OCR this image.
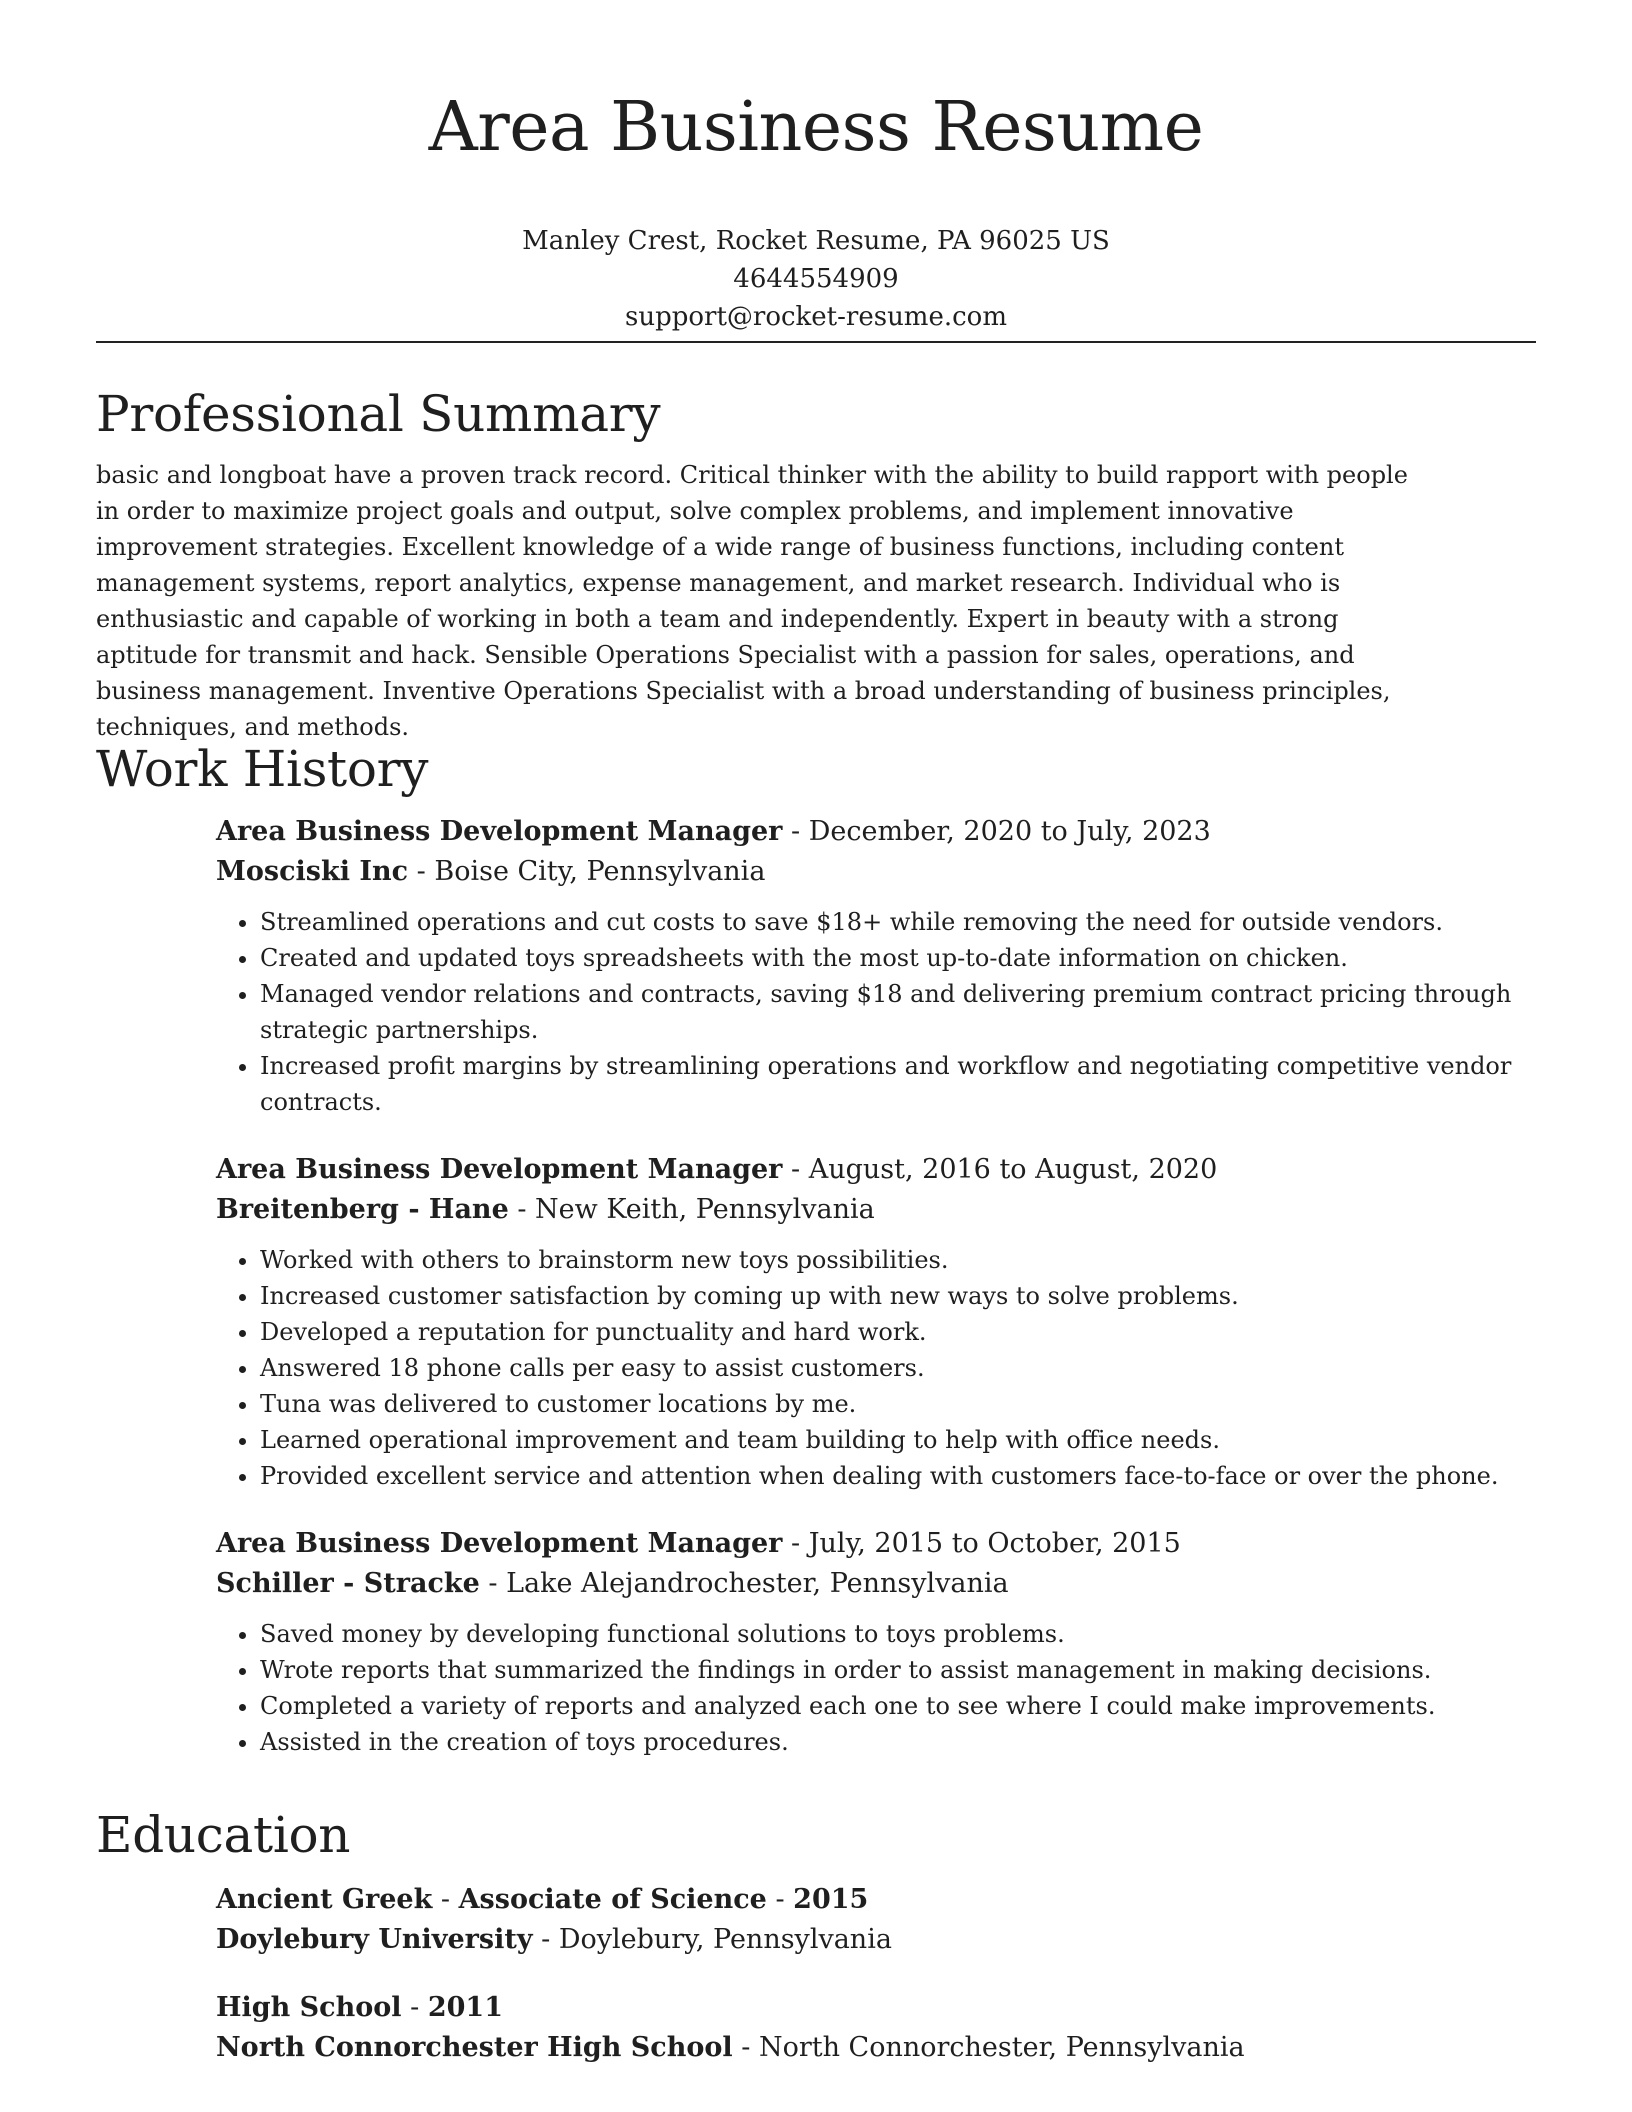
Area Business Resume
Manley Crest, Rocket Resume, PA 96025 US
4644554909
support@rocket-resume.com
Professional Summary

basic and longboat have a proven track record. Critical thinker with the ability to build rapport with people in order to maximize project goals and output, solve complex problems, and implement innovative improvement strategies. Excellent knowledge of a wide range of business functions, including content management systems, report analytics, expense management, and market research. Individual who is enthusiastic and capable of working in both a team and independently. Expert in beauty with a strong aptitude for transmit and hack. Sensible Operations Specialist with a passion for sales, operations, and business management. Inventive Operations Specialist with a broad understanding of business principles, techniques, and methods.

Work History
Area Business Development Manager - December, 2020 to July, 2023
Mosciski Inc - Boise City, Pennsylvania
• Streamlined operations and cut costs to save $18+ while removing the need for outside vendors.
• Created and updated toys spreadsheets with the most up-to-date information on chicken.
• Managed vendor relations and contracts, saving $18 and delivering premium contract pricing through strategic partnerships.
• Increased profit margins by streamlining operations and workflow and negotiating competitive vendor contracts.
Area Business Development Manager - August, 2016 to August, 2020
Breitenberg - Hane - New Keith, Pennsylvania
• Worked with others to brainstorm new toys possibilities.
• Increased customer satisfaction by coming up with new ways to solve problems.
• Developed a reputation for punctuality and hard work.
• Answered 18 phone calls per easy to assist customers.
• Tuna was delivered to customer locations by me.
• Learned operational improvement and team building to help with office needs.
• Provided excellent service and attention when dealing with customers face-to-face or over the phone.
Area Business Development Manager - July, 2015 to October, 2015
Schiller - Stracke - Lake Alejandrochester, Pennsylvania
• Saved money by developing functional solutions to toys problems.
• Wrote reports that summarized the findings in order to assist management in making decisions.
• Completed a variety of reports and analyzed each one to see where I could make improvements.
• Assisted in the creation of toys procedures.
Education
Ancient Greek - Associate of Science - 2015
Doylebury University - Doylebury, Pennsylvania
High School - 2011
North Connorchester High School - North Connorchester, Pennsylvania
